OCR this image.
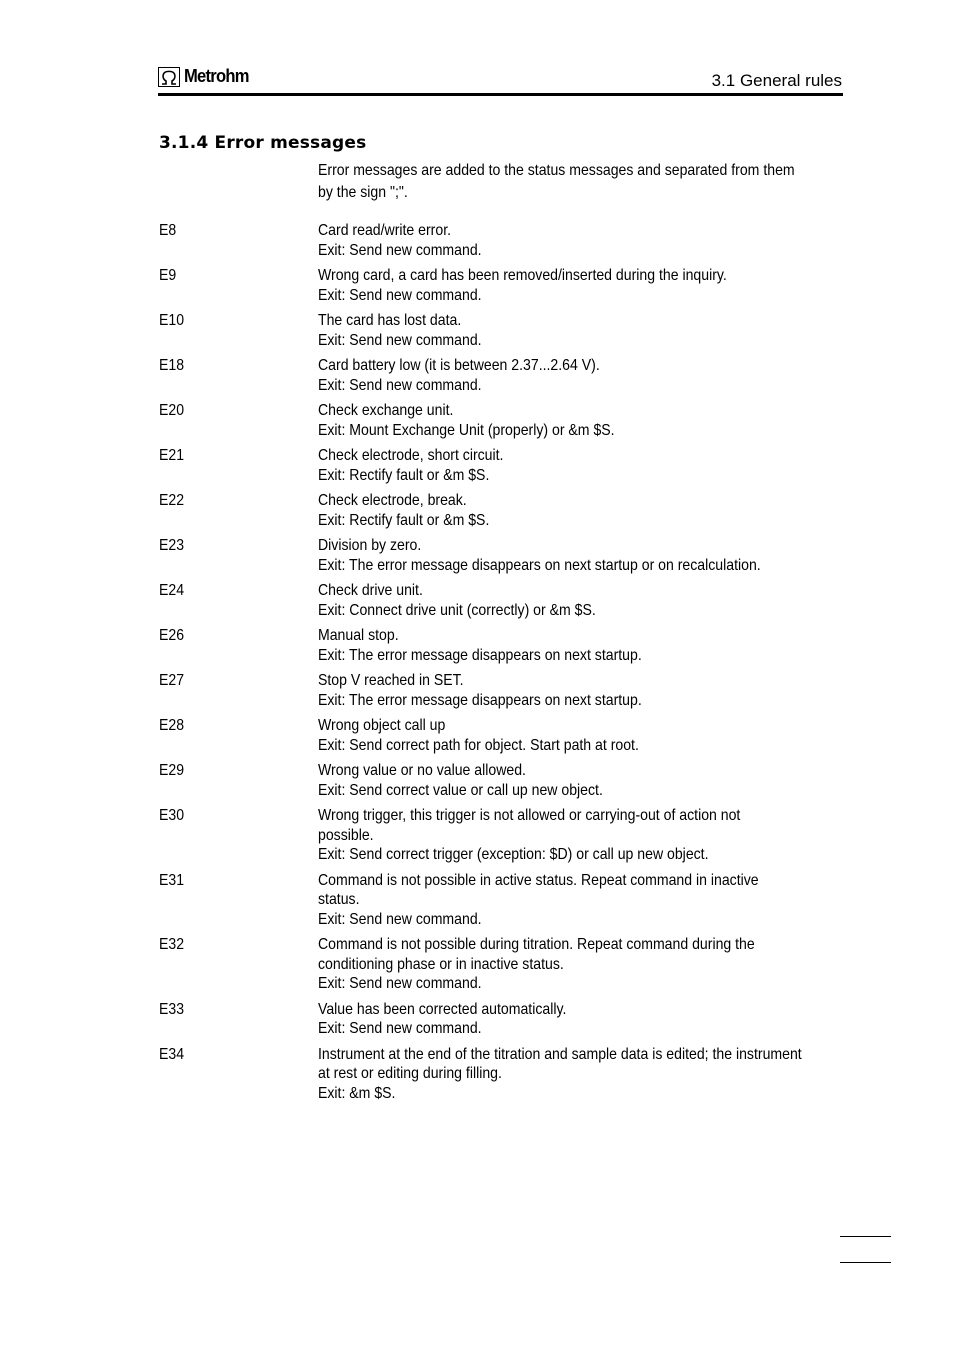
Metrohm	3.1 General rules
3.1.4 Error messages
Error messages are added to the status messages and separated from them
by the sign ";".
E8	Card read/write error.
Exit: Send new command.
E9	Wrong card, a card has been removed/inserted during the inquiry.
Exit: Send new command.
E10	The card has lost data.
Exit: Send new command.
E18	Card battery low (it is between 2.37...2.64 V).
Exit: Send new command.
E20	Check exchange unit.
Exit: Mount Exchange Unit (properly) or &m $S.
E21	Check electrode, short circuit.
Exit: Rectify fault or &m $S.
E22	Check electrode, break.
Exit: Rectify fault or &m $S.
E23	Division by zero.
Exit: The error message disappears on next startup or on recalculation.
E24	Check drive unit.
Exit: Connect drive unit (correctly) or &m $S.
E26	Manual stop.
Exit: The error message disappears on next startup.
E27	Stop V reached in SET.
Exit: The error message disappears on next startup.
E28	Wrong object call up
Exit: Send correct path for object. Start path at root.
E29	Wrong value or no value allowed.
Exit: Send correct value or call up new object.
E30	Wrong trigger, this trigger is not allowed or carrying-out of action not
possible.
Exit: Send correct trigger (exception: $D) or call up new object.
E31	Command is not possible in active status. Repeat command in inactive
status.
Exit: Send new command.
E32	Command is not possible during titration. Repeat command during the
conditioning phase or in inactive status.
Exit: Send new command.
E33	Value has been corrected automatically.
Exit: Send new command.
E34	Instrument at the end of the titration and sample data is edited; the instrument
at rest or editing during filling.
Exit: &m $S.
